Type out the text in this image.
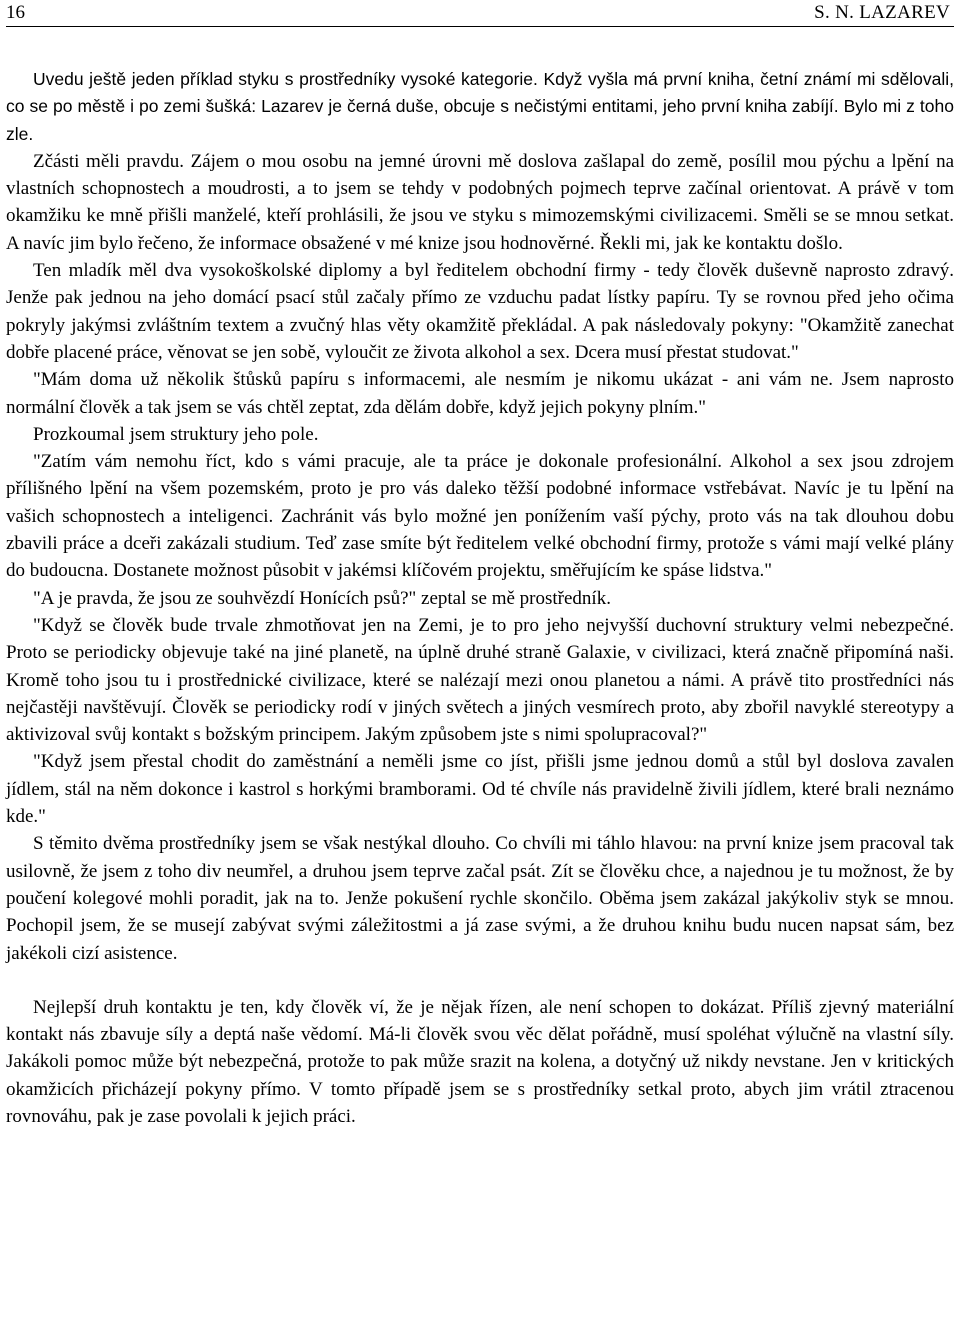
16	S. N. LAZAREV

Uvedu ještě jeden příklad styku s prostředníky vysoké kategorie. Když vyšla má první kniha, četní známí mi sdělovali, co se po městě i po zemi šušká: Lazarev je černá duše, obcuje s nečistými entitami, jeho první kniha zabíjí. Bylo mi z toho zle.

Zčásti měli pravdu. Zájem o mou osobu na jemné úrovni mě doslova zašlapal do země, posílil mou pýchu a lpění na vlastních schopnostech a moudrosti, a to jsem se tehdy v podobných pojmech teprve začínal orientovat. A právě v tom okamžiku ke mně přišli manželé, kteří prohlásili, že jsou ve styku s mimozemskými civilizacemi. Směli se se mnou setkat. A navíc jim bylo řečeno, že informace obsažené v mé knize jsou hodnověrné. Řekli mi, jak ke kontaktu došlo.

Ten mladík měl dva vysokoškolské diplomy a byl ředitelem obchodní firmy - tedy člověk duševně naprosto zdravý. Jenže pak jednou na jeho domácí psací stůl začaly přímo ze vzduchu padat lístky papíru. Ty se rovnou před jeho očima pokryly jakýmsi zvláštním textem a zvučný hlas věty okamžitě překládal. A pak následovaly pokyny: "Okamžitě zanechat dobře placené práce, věnovat se jen sobě, vyloučit ze života alkohol a sex. Dcera musí přestat studovat."

"Mám doma už několik štůsků papíru s informacemi, ale nesmím je nikomu ukázat - ani vám ne. Jsem naprosto normální člověk a tak jsem se vás chtěl zeptat, zda dělám dobře, když jejich pokyny plním."

Prozkoumal jsem struktury jeho pole.

"Zatím vám nemohu říct, kdo s vámi pracuje, ale ta práce je dokonale profesionální. Alkohol a sex jsou zdrojem přílišného lpění na všem pozemském, proto je pro vás daleko těžší podobné informace vstřebávat. Navíc je tu lpění na vašich schopnostech a inteligenci. Zachránit vás bylo možné jen ponížením vaší pýchy, proto vás na tak dlouhou dobu zbavili práce a dceři zakázali studium. Teď zase smíte být ředitelem velké obchodní firmy, protože s vámi mají velké plány do budoucna. Dostanete možnost působit v jakémsi klíčovém projektu, směřujícím ke spáse lidstva."

"A je pravda, že jsou ze souhvězdí Honících psů?" zeptal se mě prostředník.

"Když se člověk bude trvale zhmotňovat jen na Zemi, je to pro jeho nejvyšší duchovní struktury velmi nebezpečné. Proto se periodicky objevuje také na jiné planetě, na úplně druhé straně Galaxie, v civilizaci, která značně připomíná naši. Kromě toho jsou tu i prostřednické civilizace, které se nalézají mezi onou planetou a námi. A právě tito prostředníci nás nejčastěji navštěvují. Člověk se periodicky rodí v jiných světech a jiných vesmírech proto, aby zbořil navyklé stereotypy a aktivizoval svůj kontakt s božským principem. Jakým způsobem jste s nimi spolupracoval?"

"Když jsem přestal chodit do zaměstnání a neměli jsme co jíst, přišli jsme jednou domů a stůl byl doslova zavalen jídlem, stál na něm dokonce i kastrol s horkými bramborami. Od té chvíle nás pravidelně živili jídlem, které brali neznámo kde."

S těmito dvěma prostředníky jsem se však nestýkal dlouho. Co chvíli mi táhlo hlavou: na první knize jsem pracoval tak usilovně, že jsem z toho div neumřel, a druhou jsem teprve začal psát. Zít se člověku chce, a najednou je tu možnost, že by poučení kolegové mohli poradit, jak na to. Jenže pokušení rychle skončilo. Oběma jsem zakázal jakýkoliv styk se mnou. Pochopil jsem, že se musejí zabývat svými záležitostmi a já zase svými, a že druhou knihu budu nucen napsat sám, bez jakékoli cizí asistence.

Nejlepší druh kontaktu je ten, kdy člověk ví, že je nějak řízen, ale není schopen to dokázat. Příliš zjevný materiální kontakt nás zbavuje síly a deptá naše vědomí. Má-li člověk svou věc dělat pořádně, musí spoléhat výlučně na vlastní síly. Jakákoli pomoc může být nebezpečná, protože to pak může srazit na kolena, a dotyčný už nikdy nevstane. Jen v kritických okamžicích přicházejí pokyny přímo. V tomto případě jsem se s prostředníky setkal proto, abych jim vrátil ztracenou rovnováhu, pak je zase povolali k jejich práci.
